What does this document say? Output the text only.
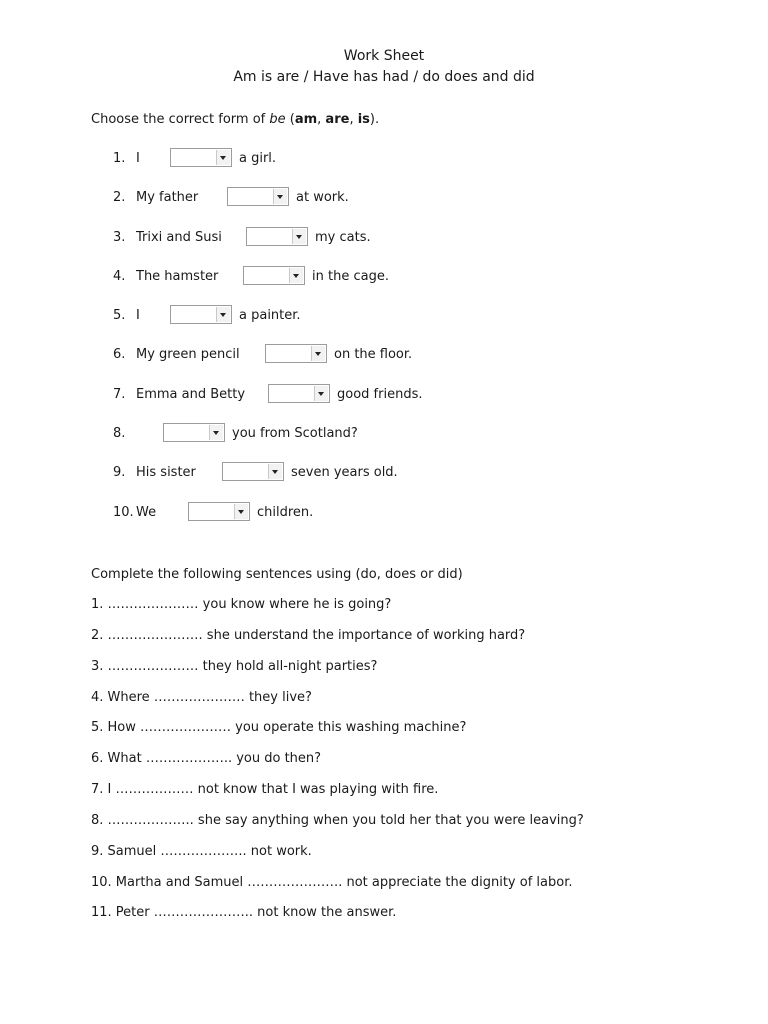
Work Sheet
Am is are / Have has had / do does and did
Choose the correct form of be (am, are, is).
1. I	a girl.
2. My father	at work.
3. Trixi and Susi	my cats.
4. The hamster	in the cage.
5. I	a painter.
6. My green pencil	on the floor.
7. Emma and Betty	good friends.
8.	you from Scotland?
9. His sister	seven years old.
10. We	children.
Complete the following sentences using (do, does or did)
1. ………………… you know where he is going?
2. …………………. she understand the importance of working hard?
3. ………………… they hold all-night parties?
4. Where ………………… they live?
5. How ………………… you operate this washing machine?
6. What ……………….. you do then?
7. I ……………… not know that I was playing with fire.
8. ……………….. she say anything when you told her that you were leaving?
9. Samuel ……………….. not work.
10. Martha and Samuel …………………. not appreciate the dignity of labor.
11. Peter ………………….. not know the answer.
